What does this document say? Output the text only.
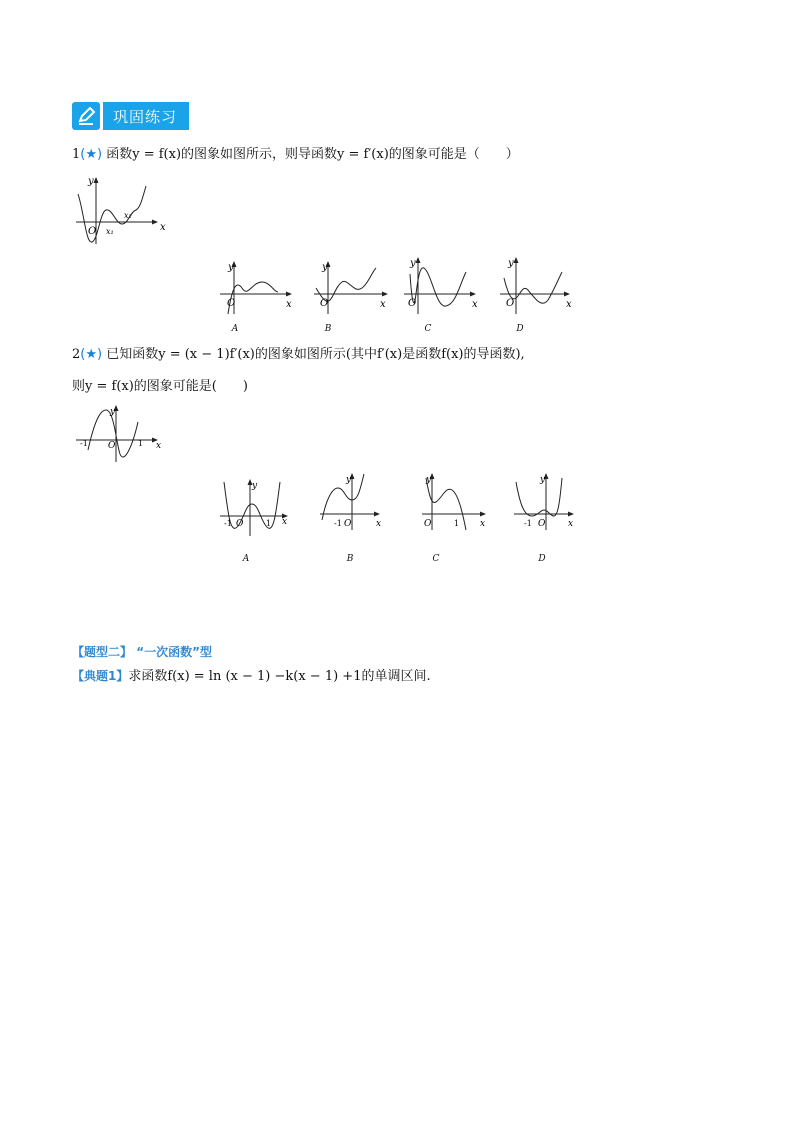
巩固练习
1(★) 函数y = f(x)的图象如图所示，则导函数y = f′(x)的图象可能是（　　）
O	x
y
x₁
x₂
O	x
y
O	x
y
O	x
y
O	x
y
A	B	C	D
2(★) 已知函数y = (x − 1)f′(x)的图象如图所示(其中f′(x)是函数f(x)的导函数),
则y = f(x)的图象可能是(　　)
-1	1
O	x
y
-1	1
O	x
y
-1 O	x
y
O	1 x
y
-1 O	x
y
A	B	C	D
【题型二】 “一次函数”型
【典题1】求函数f(x) = ln (x − 1) −k(x − 1) +1的单调区间.
